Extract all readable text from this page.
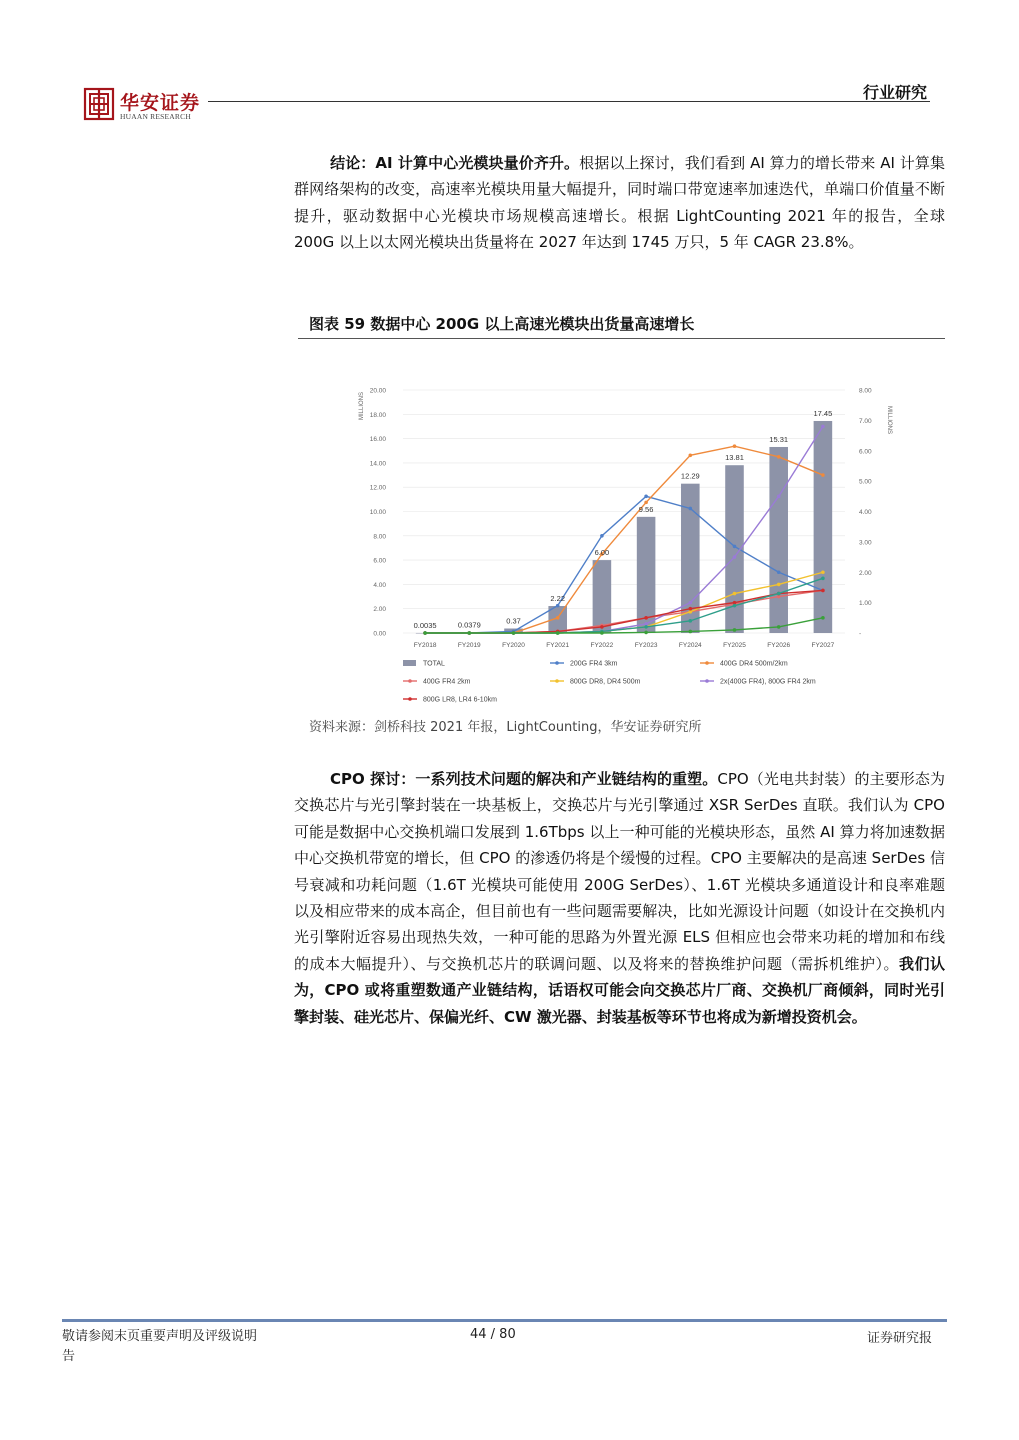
华安证券
HUAAN RESEARCH
行业研究
结论：AI 计算中心光模块量价齐升。根据以上探讨，我们看到 AI 算力的增长带来 AI 计算集群网络架构的改变，高速率光模块用量大幅提升，同时端口带宽速率加速迭代，单端口价值量不断提升，驱动数据中心光模块市场规模高速增长。根据 LightCounting 2021 年的报告，全球 200G 以上以太网光模块出货量将在 2027 年达到 1745 万只，5 年 CAGR 23.8%。
图表 59 数据中心 200G 以上高速光模块出货量高速增长
0.00
2.00
4.00
6.00
8.00
10.00
12.00
14.00
16.00
18.00
20.00
-
1.00
2.00
3.00
4.00
5.00
6.00
7.00
8.00
0.0035	0.0379	0.37
2.22
6.00
9.56
12.29
13.81
15.31
17.45
FY2018	FY2019	FY2020	FY2021	FY2022	FY2023	FY2024	FY2025	FY2026	FY2027
TOTAL	200G FR4 3km	400G DR4 500m/2km
400G FR4 2km	800G DR8, DR4 500m	2x(400G FR4), 800G FR4 2km
800G LR8, LR4 6-10km
MILLIONS
MILLIONS
资料来源：剑桥科技 2021 年报，LightCounting，华安证券研究所
CPO 探讨：一系列技术问题的解决和产业链结构的重塑。CPO（光电共封装）的主要形态为交换芯片与光引擎封装在一块基板上，交换芯片与光引擎通过 XSR SerDes 直联。我们认为 CPO 可能是数据中心交换机端口发展到 1.6Tbps 以上一种可能的光模块形态，虽然 AI 算力将加速数据中心交换机带宽的增长，但 CPO 的渗透仍将是个缓慢的过程。CPO 主要解决的是高速 SerDes 信号衰减和功耗问题（1.6T 光模块可能使用 200G SerDes）、1.6T 光模块多通道设计和良率难题以及相应带来的成本高企，但目前也有一些问题需要解决，比如光源设计问题（如设计在交换机内光引擎附近容易出现热失效，一种可能的思路为外置光源 ELS 但相应也会带来功耗的增加和布线的成本大幅提升）、与交换机芯片的联调问题、以及将来的替换维护问题（需拆机维护）。我们认为，CPO 或将重塑数通产业链结构，话语权可能会向交换芯片厂商、交换机厂商倾斜，同时光引擎封装、硅光芯片、保偏光纤、CW 激光器、封装基板等环节也将成为新增投资机会。
敬请参阅末页重要声明及评级说明
告
44 / 80	证券研究报
